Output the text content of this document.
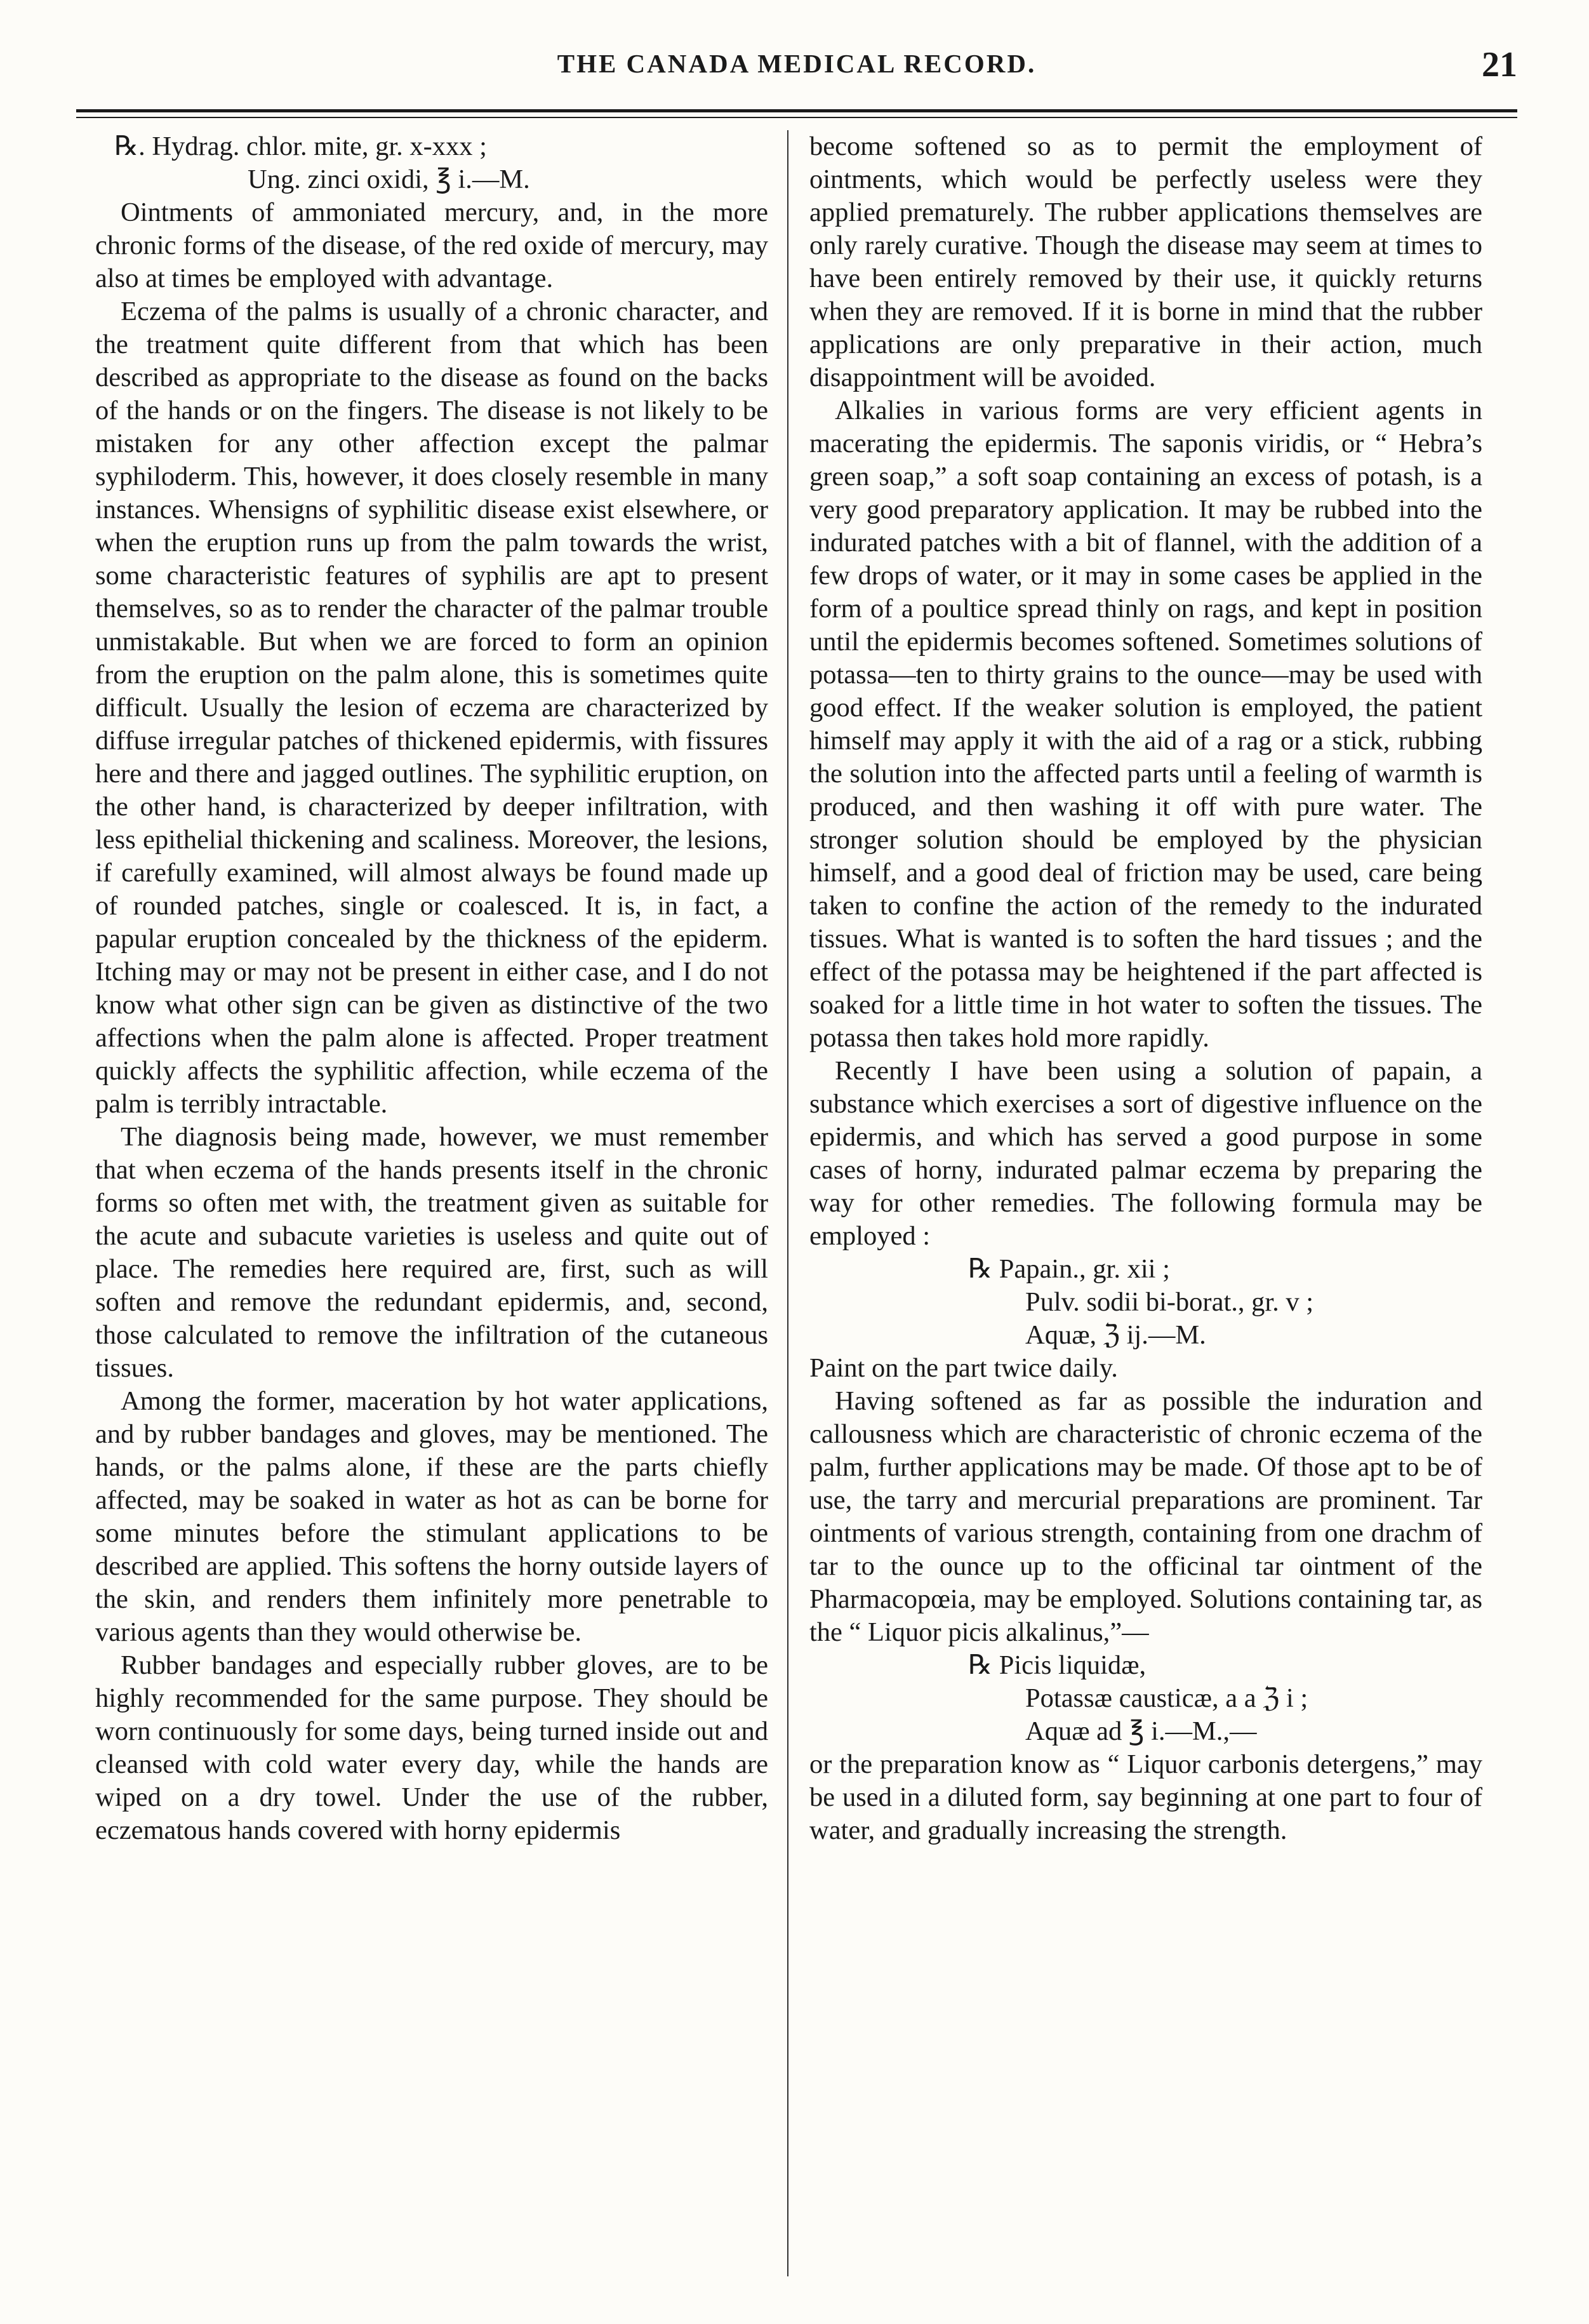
THE CANADA MEDICAL RECORD.	21
℞. Hydrag. chlor. mite, gr. x-xxx ;
Ung. zinci oxidi, ℥ i.—M.

Ointments of ammoniated mercury, and, in the more chronic forms of the disease, of the red oxide of mercury, may also at times be employed with advantage.

Eczema of the palms is usually of a chronic character, and the treatment quite different from that which has been described as appropriate to the disease as found on the backs of the hands or on the fingers. The disease is not likely to be mistaken for any other affection except the palmar syphiloderm. This, however, it does closely resemble in many instances. Whensigns of syphilitic disease exist elsewhere, or when the eruption runs up from the palm towards the wrist, some characteristic features of syphilis are apt to present themselves, so as to render the character of the palmar trouble unmistakable. But when we are forced to form an opinion from the eruption on the palm alone, this is sometimes quite difficult. Usually the lesion of eczema are characterized by diffuse irregular patches of thickened epidermis, with fissures here and there and jagged outlines. The syphilitic eruption, on the other hand, is characterized by deeper infiltration, with less epithelial thickening and scaliness. Moreover, the lesions, if carefully examined, will almost always be found made up of rounded patches, single or coalesced. It is, in fact, a papular eruption concealed by the thickness of the epiderm. Itching may or may not be present in either case, and I do not know what other sign can be given as distinctive of the two affections when the palm alone is affected. Proper treatment quickly affects the syphilitic affection, while eczema of the palm is terribly intractable.

The diagnosis being made, however, we must remember that when eczema of the hands presents itself in the chronic forms so often met with, the treatment given as suitable for the acute and subacute varieties is useless and quite out of place. The remedies here required are, first, such as will soften and remove the redundant epidermis, and, second, those calculated to remove the infiltration of the cutaneous tissues.

Among the former, maceration by hot water applications, and by rubber bandages and gloves, may be mentioned. The hands, or the palms alone, if these are the parts chiefly affected, may be soaked in water as hot as can be borne for some minutes before the stimulant applications to be described are applied. This softens the horny outside layers of the skin, and renders them infinitely more penetrable to various agents than they would otherwise be.

Rubber bandages and especially rubber gloves, are to be highly recommended for the same purpose. They should be worn continuously for some days, being turned inside out and cleansed with cold water every day, while the hands are wiped on a dry towel. Under the use of the rubber, eczematous hands covered with horny epidermis

become softened so as to permit the employment of ointments, which would be perfectly useless were they applied prematurely. The rubber applications themselves are only rarely curative. Though the disease may seem at times to have been entirely removed by their use, it quickly returns when they are removed. If it is borne in mind that the rubber applications are only preparative in their action, much disappointment will be avoided.

Alkalies in various forms are very efficient agents in macerating the epidermis. The saponis viridis, or “ Hebra’s green soap,” a soft soap containing an excess of potash, is a very good preparatory application. It may be rubbed into the indurated patches with a bit of flannel, with the addition of a few drops of water, or it may in some cases be applied in the form of a poultice spread thinly on rags, and kept in position until the epidermis becomes softened. Sometimes solutions of potassa—ten to thirty grains to the ounce—may be used with good effect. If the weaker solution is employed, the patient himself may apply it with the aid of a rag or a stick, rubbing the solution into the affected parts until a feeling of warmth is produced, and then washing it off with pure water. The stronger solution should be employed by the physician himself, and a good deal of friction may be used, care being taken to confine the action of the remedy to the indurated tissues. What is wanted is to soften the hard tissues ; and the effect of the potassa may be heightened if the part affected is soaked for a little time in hot water to soften the tissues. The potassa then takes hold more rapidly.

Recently I have been using a solution of papain, a substance which exercises a sort of digestive influence on the epidermis, and which has served a good purpose in some cases of horny, indurated palmar eczema by preparing the way for other remedies. The following formula may be employed :

℞ Papain., gr. xii ;
Pulv. sodii bi-borat., gr. v ;
Aquæ, ℨ ij.—M.

Paint on the part twice daily.

Having softened as far as possible the induration and callousness which are characteristic of chronic eczema of the palm, further applications may be made. Of those apt to be of use, the tarry and mercurial preparations are prominent. Tar ointments of various strength, containing from one drachm of tar to the ounce up to the officinal tar ointment of the Pharmacopœia, may be employed. Solutions containing tar, as the “ Liquor picis alkalinus,”—

℞ Picis liquidæ,
Potassæ causticæ, a a ℨ i ;
Aquæ ad ℥ i.—M.,—

or the preparation know as “ Liquor carbonis detergens,” may be used in a diluted form, say beginning at one part to four of water, and gradually increasing the strength.
